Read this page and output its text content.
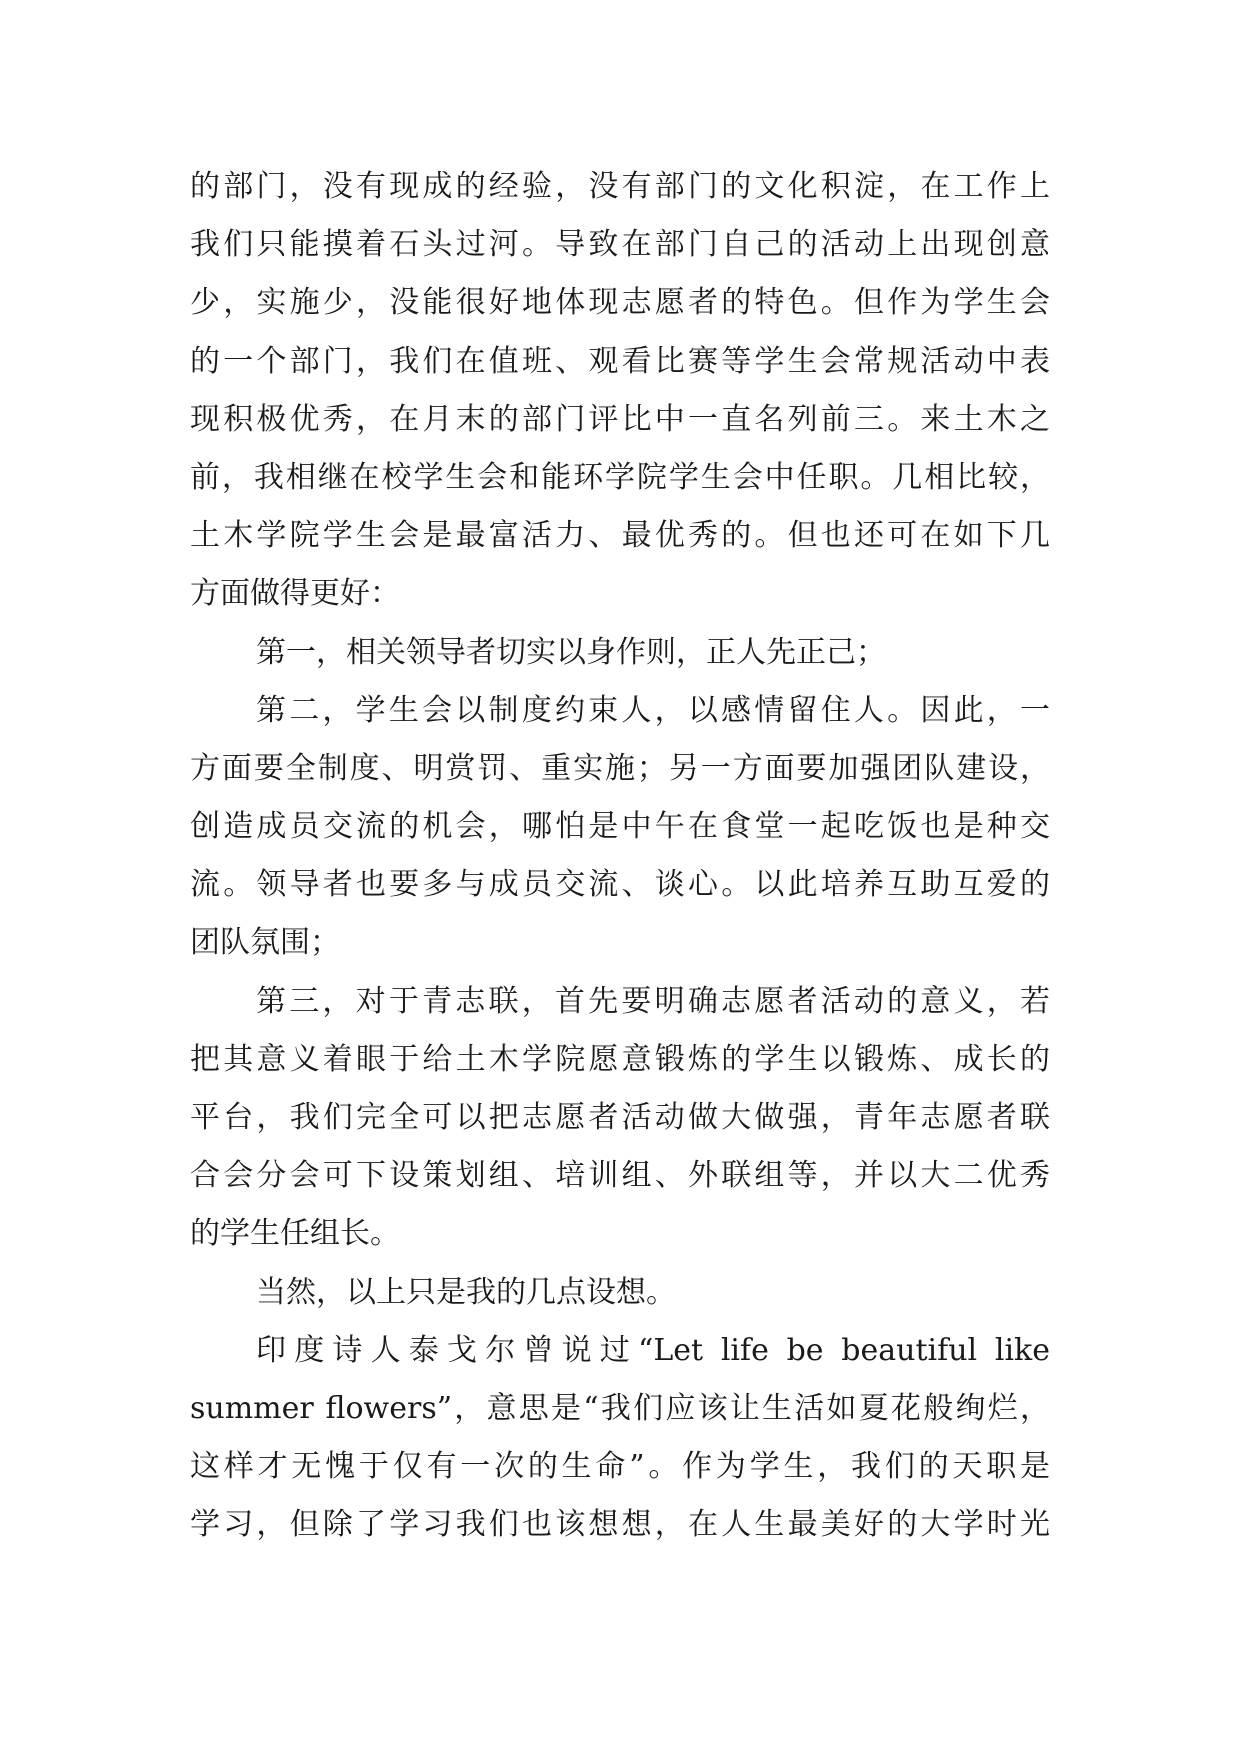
的部门，没有现成的经验，没有部门的文化积淀，在工作上
我们只能摸着石头过河。导致在部门自己的活动上出现创意
少，实施少，没能很好地体现志愿者的特色。但作为学生会
的一个部门，我们在值班、观看比赛等学生会常规活动中表
现积极优秀，在月末的部门评比中一直名列前三。来土木之
前，我相继在校学生会和能环学院学生会中任职。几相比较，
土木学院学生会是最富活力、最优秀的。但也还可在如下几
方面做得更好：
第一，相关领导者切实以身作则，正人先正己；
第二，学生会以制度约束人，以感情留住人。因此，一
方面要全制度、明赏罚、重实施；另一方面要加强团队建设，
创造成员交流的机会，哪怕是中午在食堂一起吃饭也是种交
流。领导者也要多与成员交流、谈心。以此培养互助互爱的
团队氛围；
第三，对于青志联，首先要明确志愿者活动的意义，若
把其意义着眼于给土木学院愿意锻炼的学生以锻炼、成长的
平台，我们完全可以把志愿者活动做大做强，青年志愿者联
合会分会可下设策划组、培训组、外联组等，并以大二优秀
的学生任组长。
当然，以上只是我的几点设想。
印度诗人泰戈尔曾说过“Let life be beautiful like
summer flowers”，意思是“我们应该让生活如夏花般绚烂，
这样才无愧于仅有一次的生命”。作为学生，我们的天职是
学习，但除了学习我们也该想想，在人生最美好的大学时光
